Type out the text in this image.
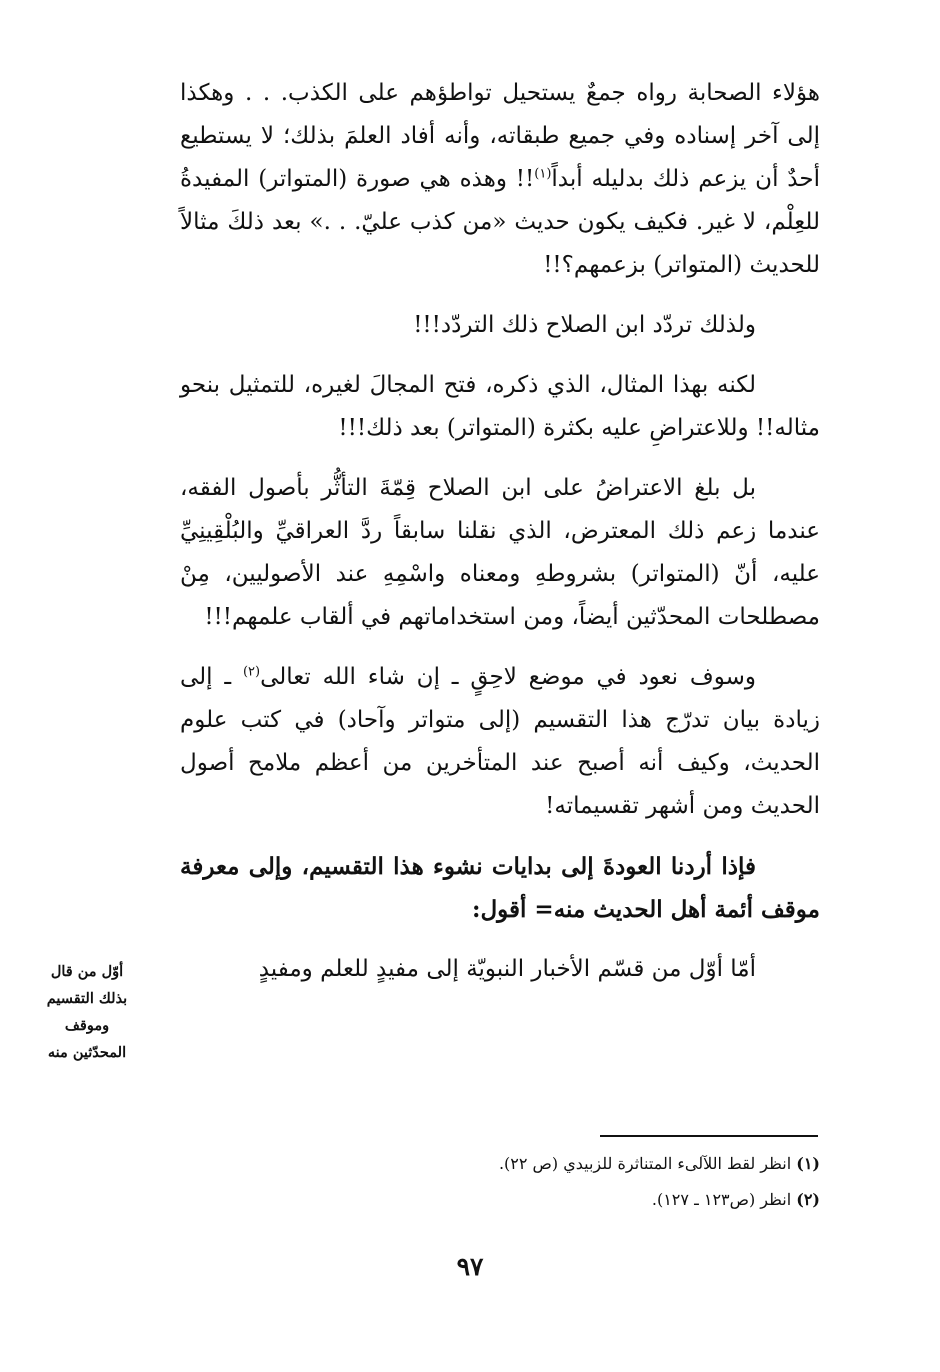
هؤلاء الصحابة رواه جمعٌ يستحيل تواطؤهم على الكذب. . . وهكذا إلى آخر إسناده وفي جميع طبقاته، وأنه أفاد العلمَ بذلك؛ لا يستطيع أحدٌ أن يزعم ذلك بدليله أبداً$^{(١)}$!! وهذه هي صورة (المتواتر) المفيدةُ للعِلْم، لا غير. فكيف يكون حديث «من كذب عليّ. . .» بعد ذلكَ مثالاً للحديث (المتواتر) بزعمهم؟!!

ولذلك تردّد ابن الصلاح ذلك التردّد!!!

لكنه بهذا المثال، الذي ذكره، فتح المجالَ لغيره، للتمثيل بنحو مثاله!! وللاعتراضِ عليه بكثرة (المتواتر) بعد ذلك!!!

بل بلغ الاعتراضُ على ابن الصلاح قِمّةَ التأثُّر بأصول الفقه، عندما زعم ذلك المعترض، الذي نقلنا سابقاً ردَّ العراقيِّ والبُلْقِينِيِّ عليه، أنّ (المتواتر) بشروطهِ ومعناه واسْمِهِ عند الأصوليين، مِنْ مصطلحات المحدّثين أيضاً، ومن استخداماتهم في ألقاب علمهم!!!

وسوف نعود في موضع لاحِقٍ ـ إن شاء الله تعالى$^{(٢)}$ ـ إلى زيادة بيان تدرّج هذا التقسيم (إلى متواتر وآحاد) في كتب علوم الحديث، وكيف أنه أصبح عند المتأخرين من أعظم ملامح أصول الحديث ومن أشهر تقسيماته!

فإذا أردنا العودةَ إلى بدايات نشوء هذا التقسيم، وإلى معرفة موقف أئمة أهل الحديث منه= أقول:

أمّا أوّل من قسّم الأخبار النبويّة إلى مفيدٍ للعلم ومفيدٍ

أوّل من قال
بذلك التقسيم
وموقف
المحدّثين منه

(١) انظر لقط اللآلىء المتناثرة للزبيدي (ص ٢٢).

(٢) انظر (ص١٢٣ ـ ١٢٧).

٩٧
